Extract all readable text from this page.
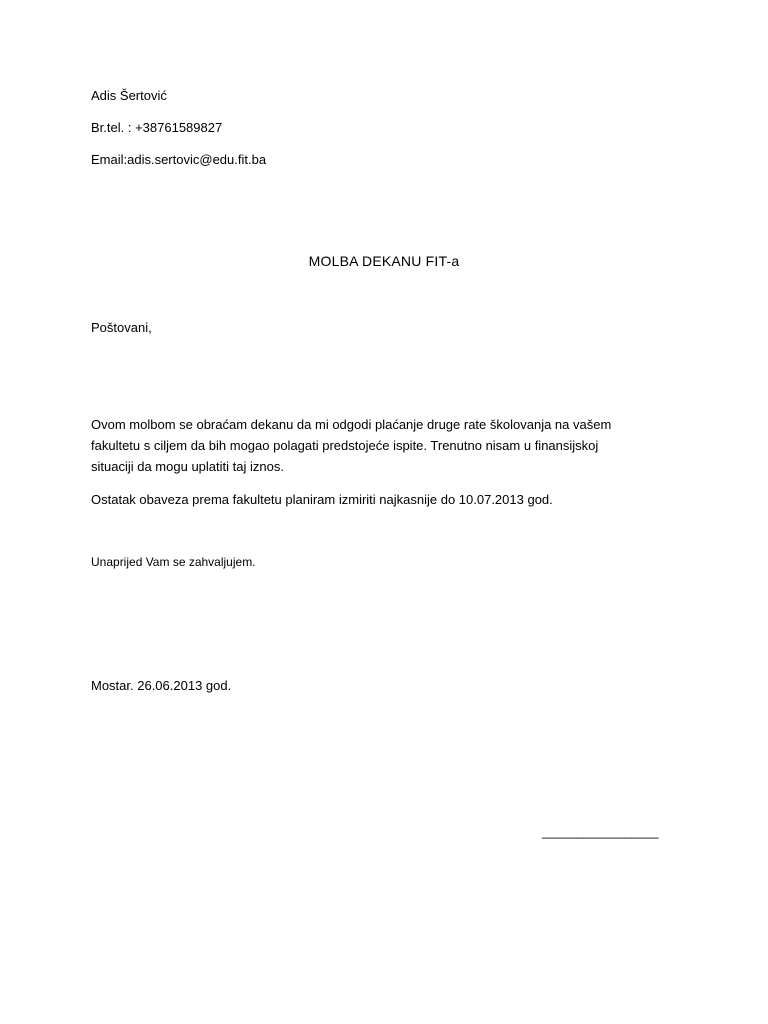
Adis Šertović
Br.tel. : +38761589827
Email:adis.sertovic@edu.fit.ba
MOLBA DEKANU FIT-a
Poštovani,
Ovom molbom se obraćam dekanu da mi odgodi plaćanje druge rate školovanja na vašem
fakultetu s ciljem da bih mogao polagati predstojeće ispite. Trenutno nisam u finansijskoj
situaciji da mogu uplatiti taj iznos.
Ostatak obaveza prema fakultetu planiram izmiriti najkasnije do 10.07.2013 god.
Unaprijed Vam se zahvaljujem.
Mostar. 26.06.2013 god.
_________________
